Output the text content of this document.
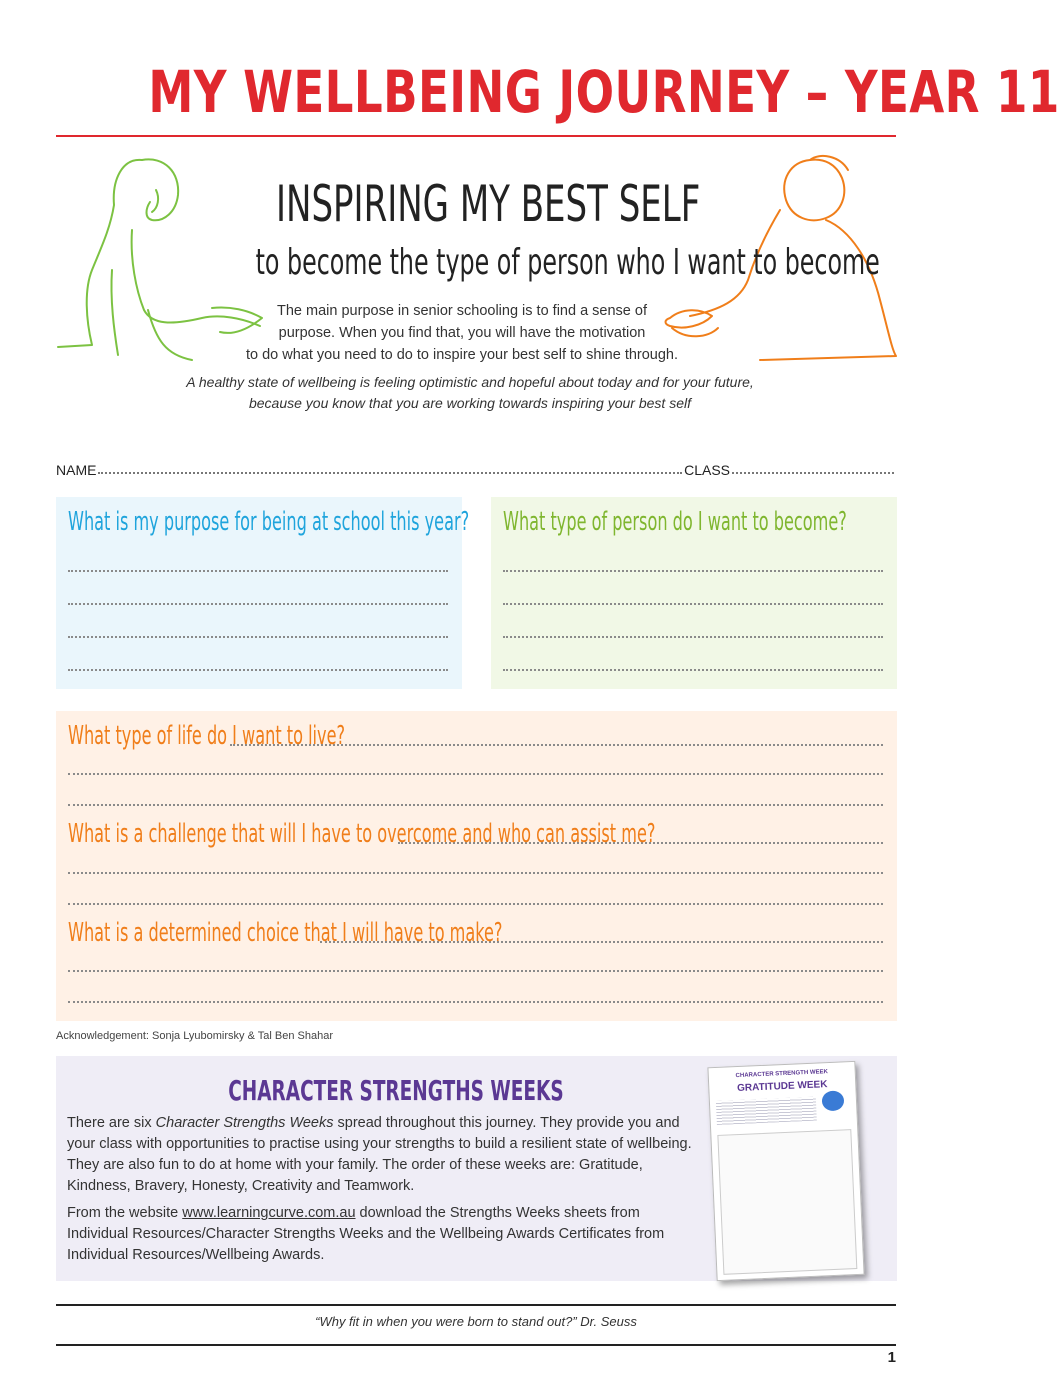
MY WELLBEING JOURNEY – YEAR 11
INSPIRING MY BEST SELF
to become the type of person who I want to become
The main purpose in senior schooling is to find a sense of
purpose. When you find that, you will have the motivation
to do what you need to do to inspire your best self to shine through.
A healthy state of wellbeing is feeling optimistic and hopeful about today and for your future,
because you know that you are working towards inspiring your best self
NAME	CLASS
What is my purpose for being at school this year? What type of person do I want to become?
What type of life do I want to live?
What is a challenge that will I have to overcome and who can assist me?
What is a determined choice that I will have to make?
Acknowledgement: Sonja Lyubomirsky & Tal Ben Shahar
CHARACTER STRENGTHS WEEKS

There are six Character Strengths Weeks spread throughout this journey. They provide you and your class with opportunities to practise using your strengths to build a resilient state of wellbeing. They are also fun to do at home with your family. The order of these weeks are: Gratitude, Kindness, Bravery, Honesty, Creativity and Teamwork.

From the website www.learningcurve.com.au download the Strengths Weeks sheets from Individual Resources/Character Strengths Weeks and the Wellbeing Awards Certificates from Individual Resources/Wellbeing Awards.

CHARACTER STRENGTH WEEK
GRATITUDE WEEK
“Why fit in when you were born to stand out?” Dr. Seuss
1
